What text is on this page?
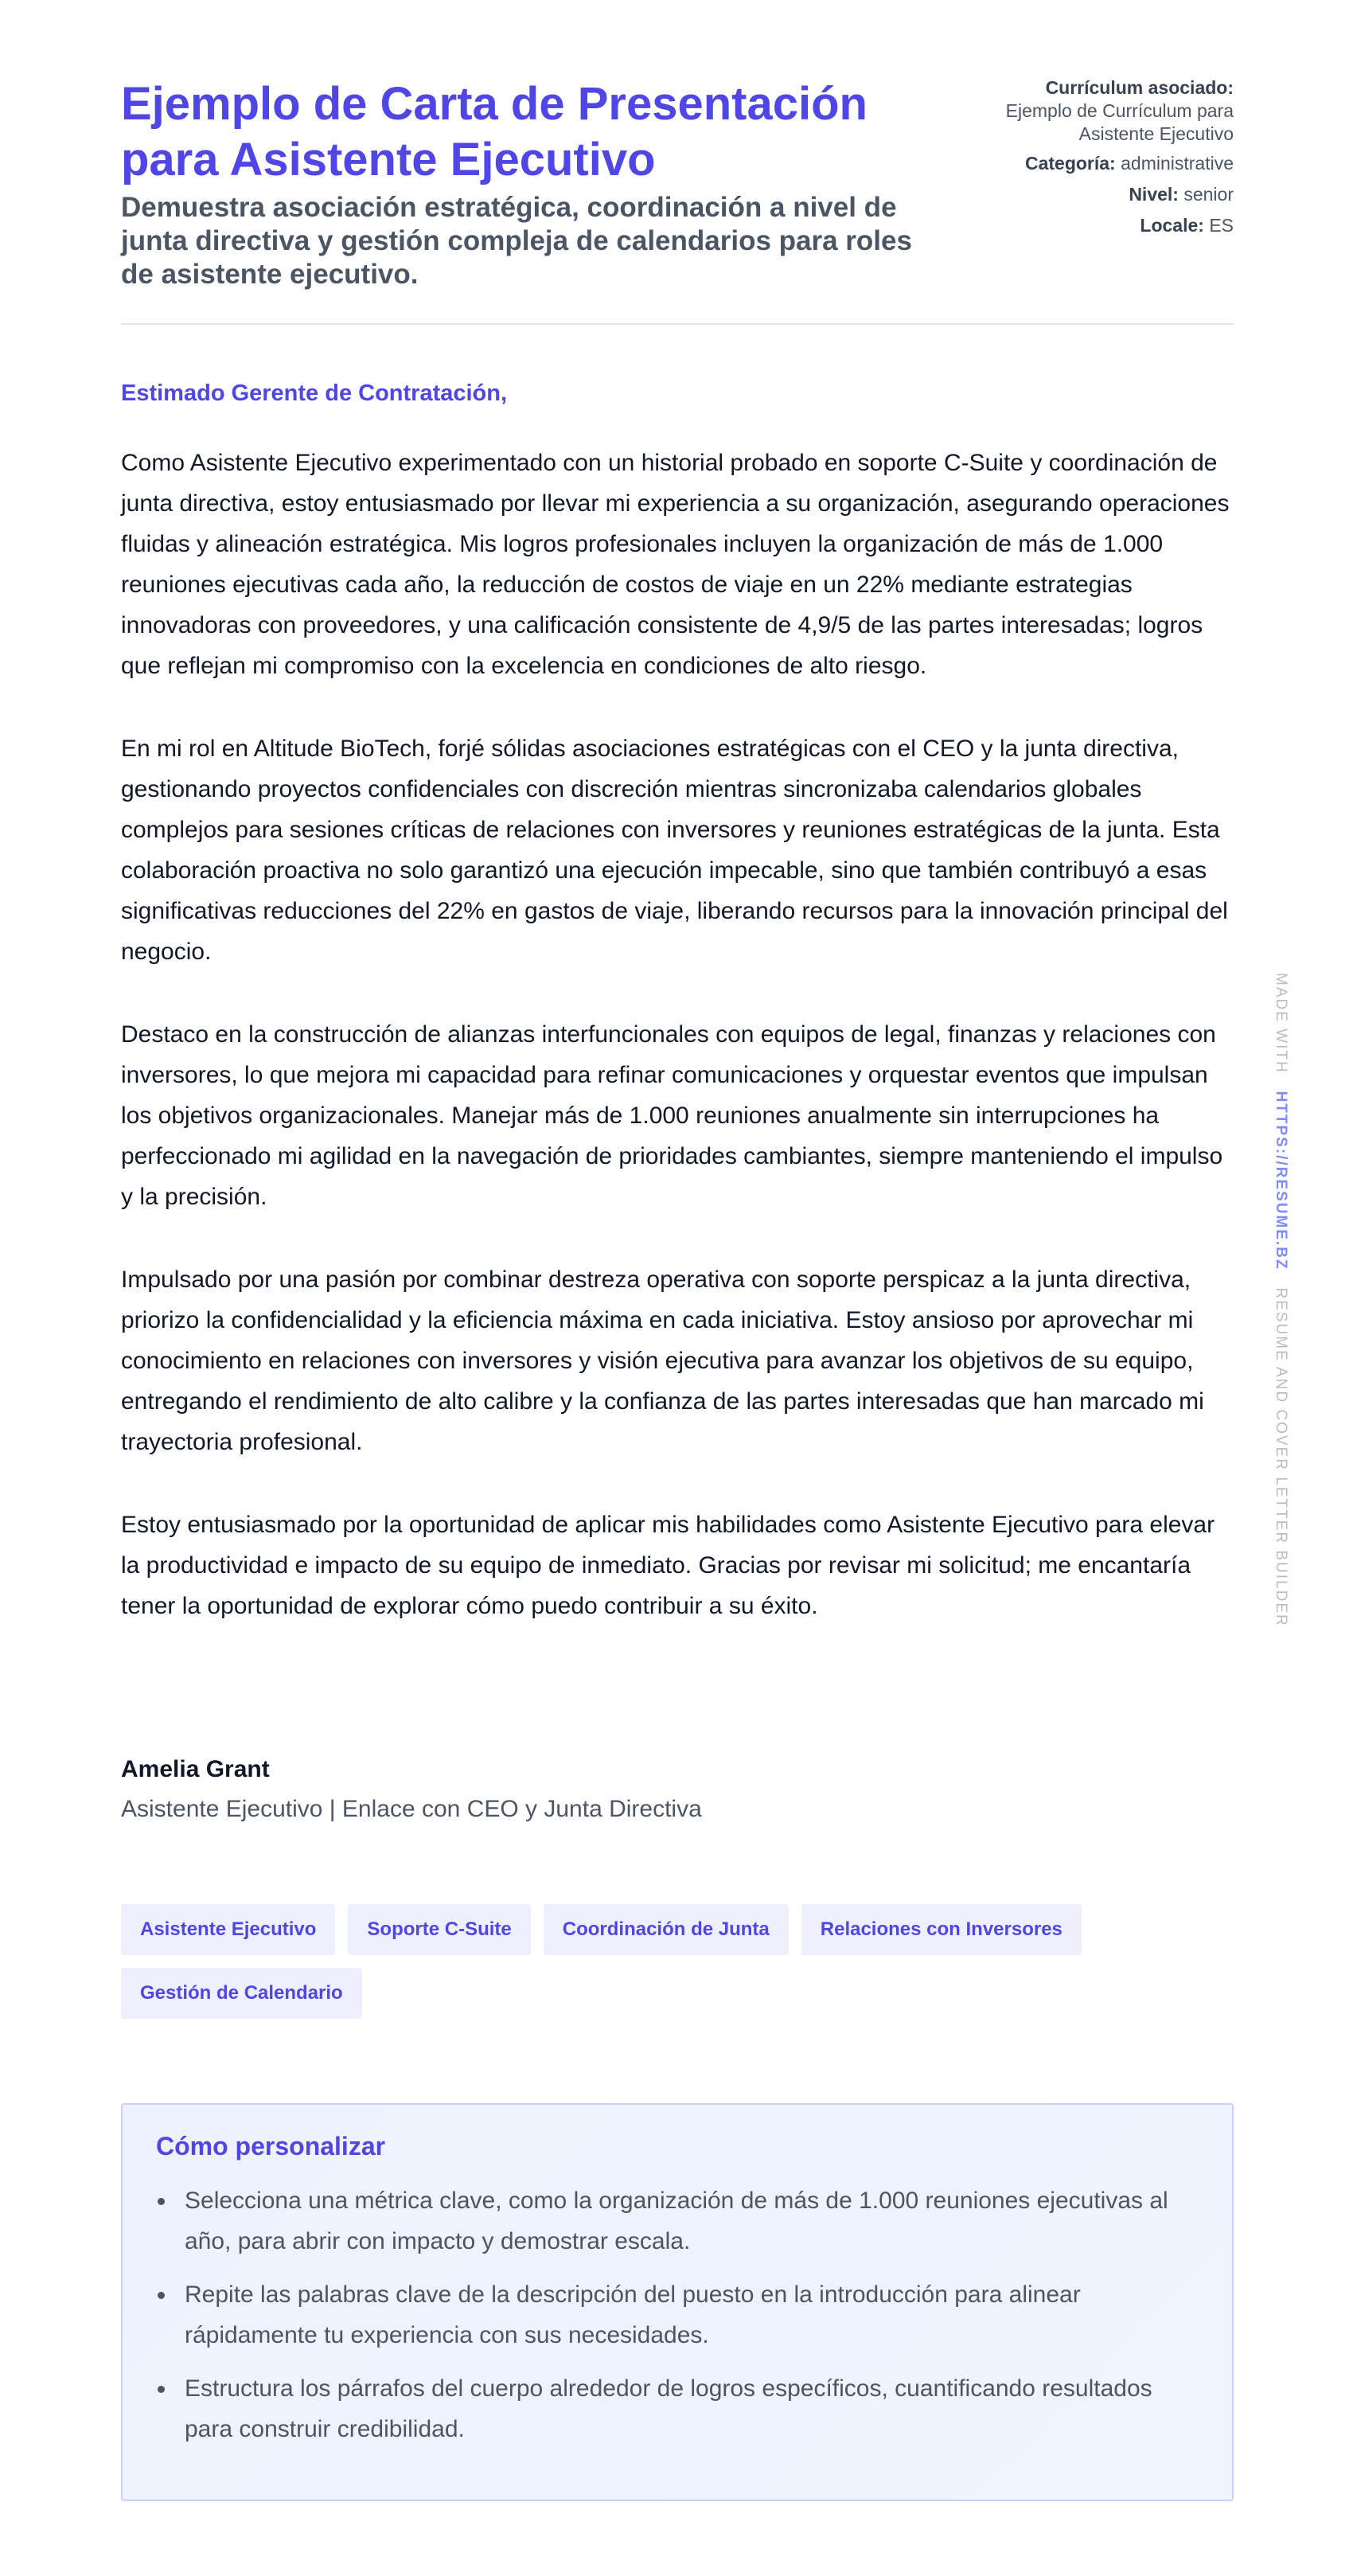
Ejemplo de Carta de Presentación para Asistente Ejecutivo
Demuestra asociación estratégica, coordinación a nivel de junta directiva y gestión compleja de calendarios para roles de asistente ejecutivo.
Currículum asociado:
Ejemplo de Currículum para Asistente Ejecutivo
Categoría: administrative
Nivel: senior
Locale: ES

Estimado Gerente de Contratación,

Como Asistente Ejecutivo experimentado con un historial probado en soporte C-Suite y coordinación de junta directiva, estoy entusiasmado por llevar mi experiencia a su organización, asegurando operaciones fluidas y alineación estratégica. Mis logros profesionales incluyen la organización de más de 1.000 reuniones ejecutivas cada año, la reducción de costos de viaje en un 22% mediante estrategias innovadoras con proveedores, y una calificación consistente de 4,9/5 de las partes interesadas; logros que reflejan mi compromiso con la excelencia en condiciones de alto riesgo.

En mi rol en Altitude BioTech, forjé sólidas asociaciones estratégicas con el CEO y la junta directiva, gestionando proyectos confidenciales con discreción mientras sincronizaba calendarios globales complejos para sesiones críticas de relaciones con inversores y reuniones estratégicas de la junta. Esta colaboración proactiva no solo garantizó una ejecución impecable, sino que también contribuyó a esas significativas reducciones del 22% en gastos de viaje, liberando recursos para la innovación principal del negocio.

Destaco en la construcción de alianzas interfuncionales con equipos de legal, finanzas y relaciones con inversores, lo que mejora mi capacidad para refinar comunicaciones y orquestar eventos que impulsan los objetivos organizacionales. Manejar más de 1.000 reuniones anualmente sin interrupciones ha perfeccionado mi agilidad en la navegación de prioridades cambiantes, siempre manteniendo el impulso y la precisión.

Impulsado por una pasión por combinar destreza operativa con soporte perspicaz a la junta directiva, priorizo la confidencialidad y la eficiencia máxima en cada iniciativa. Estoy ansioso por aprovechar mi conocimiento en relaciones con inversores y visión ejecutiva para avanzar los objetivos de su equipo, entregando el rendimiento de alto calibre y la confianza de las partes interesadas que han marcado mi trayectoria profesional.

Estoy entusiasmado por la oportunidad de aplicar mis habilidades como Asistente Ejecutivo para elevar la productividad e impacto de su equipo de inmediato. Gracias por revisar mi solicitud; me encantaría tener la oportunidad de explorar cómo puedo contribuir a su éxito.

Amelia Grant

Asistente Ejecutivo | Enlace con CEO y Junta Directiva

Asistente Ejecutivo	Soporte C-Suite	Coordinación de Junta	Relaciones con Inversores
Gestión de Calendario
Cómo personalizar
Selecciona una métrica clave, como la organización de más de 1.000 reuniones ejecutivas al año, para abrir con impacto y demostrar escala.
Repite las palabras clave de la descripción del puesto en la introducción para alinear rápidamente tu experiencia con sus necesidades.
Estructura los párrafos del cuerpo alrededor de logros específicos, cuantificando resultados para construir credibilidad.
MADE WITH   HTTPS://RESUME.BZ   RESUME AND COVER LETTER BUILDER
